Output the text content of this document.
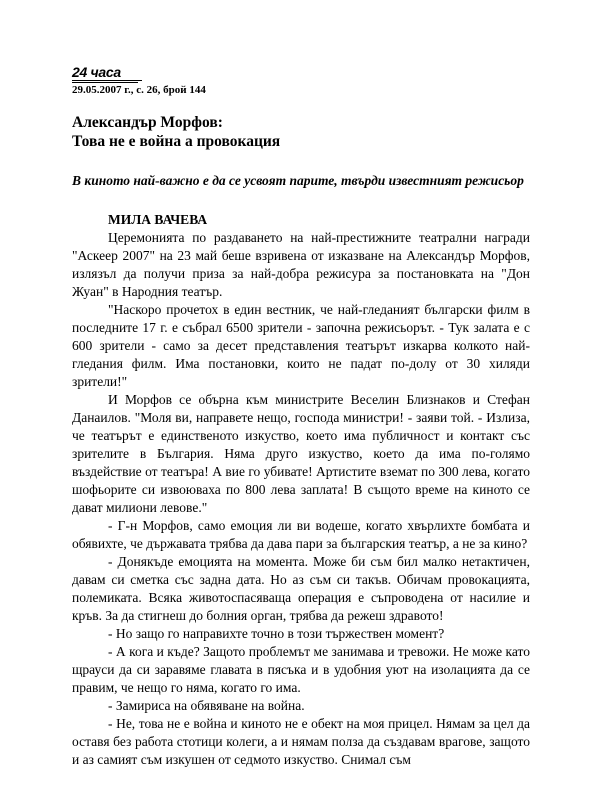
24 часа
29.05.2007 г., с. 26, брой 144
Александър Морфов:
Това не е война а провокация
В киното най-важно е да се усвоят парите, твърди известният режисьор
МИЛА ВАЧЕВА

Церемонията по раздаването на най-престижните театрални награди "Аскеер 2007" на 23 май беше взривена от изказване на Александър Морфов, излязъл да получи приза за най-добра режисура за постановката на "Дон Жуан" в Народния театър.

"Наскоро прочетох в един вестник, че най-гледаният български филм в последните 17 г. е събрал 6500 зрители - започна режисьорът. - Тук залата е с 600 зрители - само за десет представления театърът изкарва колкото най-гледания филм. Има постановки, които не падат по-долу от 30 хиляди зрители!"

И Морфов се обърна към министрите Веселин Близнаков и Стефан Данаилов. "Моля ви, направете нещо, господа министри! - заяви той. - Излиза, че театърът е единственото изкуство, което има публичност и контакт със зрителите в България. Няма друго изкуство, което да има по-голямо въздействие от театъра! А вие го убивате! Артистите вземат по 300 лева, когато шофьорите си извоюваха по 800 лева заплата! В същото време на киното се дават милиони левове."

- Г-н Морфов, само емоция ли ви водеше, когато хвърлихте бомбата и обявихте, че държавата трябва да дава пари за българския театър, а не за кино?

- Донякъде емоцията на момента. Може би съм бил малко нетактичен, давам си сметка със задна дата. Но аз съм си такъв. Обичам провокацията, полемиката. Всяка животоспасяваща операция е съпроводена от насилие и кръв. За да стигнеш до болния орган, трябва да режеш здравото!

- Но защо го направихте точно в този тържествен момент?

- А кога и къде? Защото проблемът ме занимава и тревожи. Не може като щрауси да си заравяме главата в пясъка и в удобния уют на изолацията да се правим, че нещо го няма, когато го има.

- Замириса на обявяване на война.

- Не, това не е война и киното не е обект на моя прицел. Нямам за цел да оставя без работа стотици колеги, а и нямам полза да създавам врагове, защото и аз самият съм изкушен от седмото изкуство. Снимал съм
